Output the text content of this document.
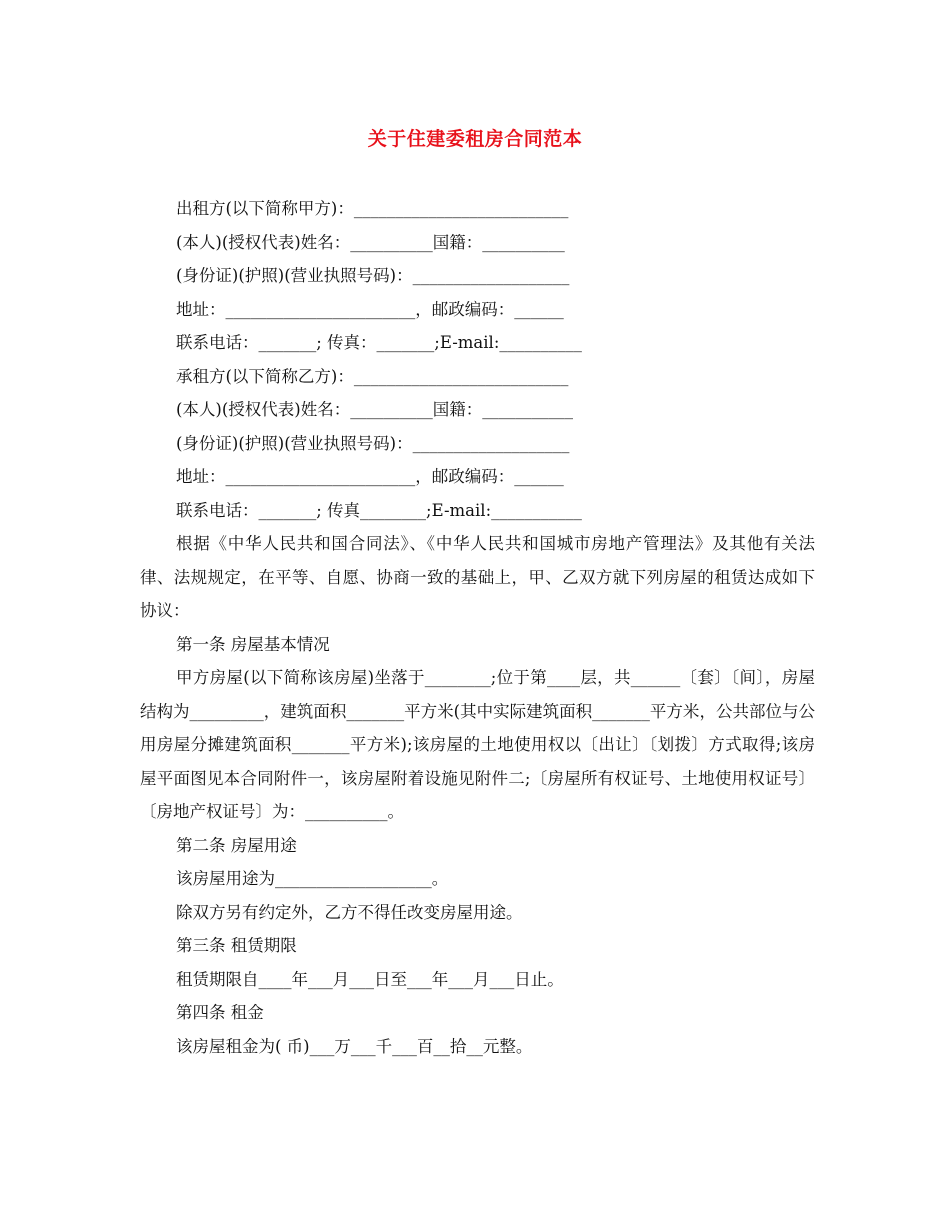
关于住建委租房合同范本
出租方(以下简称甲方)：__________________________
(本人)(授权代表)姓名：__________国籍：__________
(身份证)(护照)(营业执照号码)：___________________
地址：_______________________，邮政编码：______
联系电话：_______; 传真：_______;E-mail:__________
承租方(以下简称乙方)：__________________________
(本人)(授权代表)姓名：__________国籍：___________
(身份证)(护照)(营业执照号码)：___________________
地址：_______________________，邮政编码：______
联系电话：_______; 传真________;E-mail:___________
根据《中华人民共和国合同法》、《中华人民共和国城市房地产管理法》及其他有关法律、法规规定，在平等、自愿、协商一致的基础上，甲、乙双方就下列房屋的租赁达成如下协议：
第一条 房屋基本情况
甲方房屋(以下简称该房屋)坐落于________;位于第____层，共______〔套〕〔间〕，房屋结构为_________，建筑面积_______平方米(其中实际建筑面积_______平方米，公共部位与公用房屋分摊建筑面积_______平方米);该房屋的土地使用权以〔出让〕〔划拨〕方式取得;该房屋平面图见本合同附件一，该房屋附着设施见附件二;〔房屋所有权证号、土地使用权证号〕〔房地产权证号〕为：__________。
第二条 房屋用途
该房屋用途为___________________。
除双方另有约定外，乙方不得任改变房屋用途。
第三条 租赁期限
租赁期限自____年___月___日至___年___月___日止。
第四条 租金
该房屋租金为( 币)___万___千___百__拾__元整。
